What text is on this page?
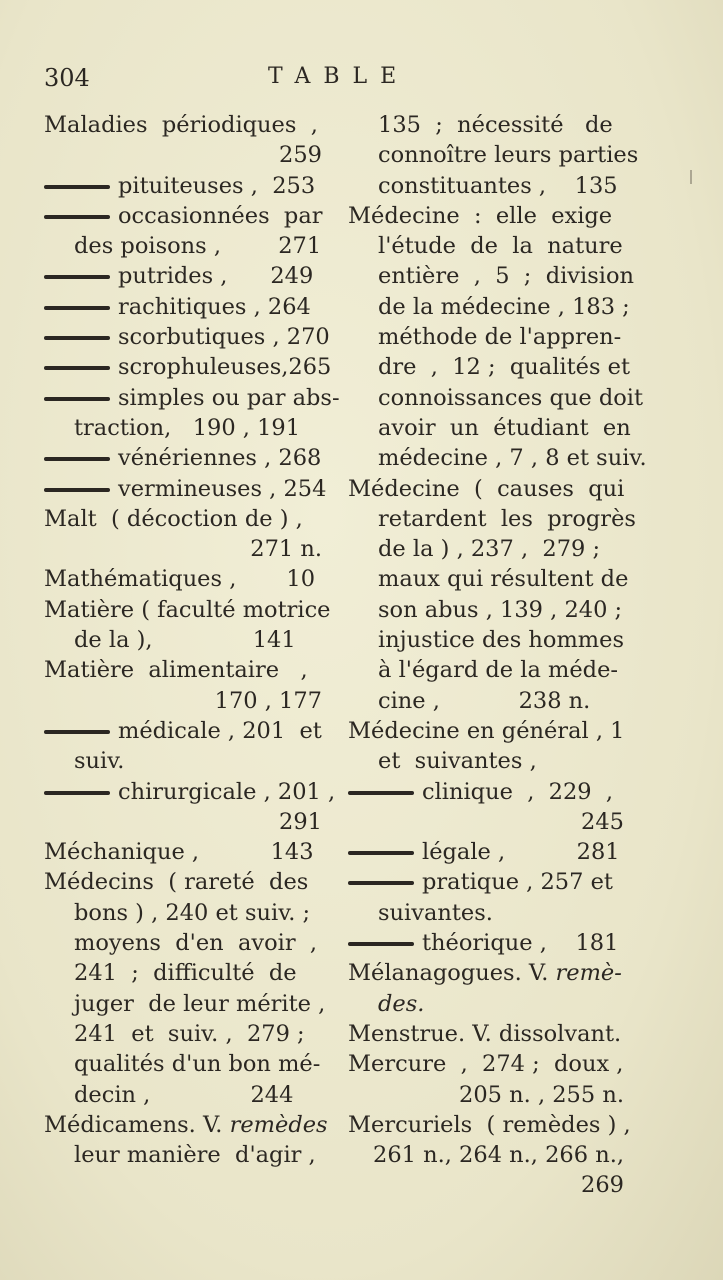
304	TABLE
Maladies  périodiques  ,
259
pituiteuses ,  253
occasionnées  par
des poisons ,        271
putrides ,      249
rachitiques , 264
scorbutiques , 270
scrophuleuses,265
simples ou par abs-
traction,   190 , 191
vénériennes , 268
vermineuses , 254
Malt  ( décoction de ) ,
271 n.
Mathématiques ,       10
Matière ( faculté motrice
de la ),              141
Matière  alimentaire   ,
170 , 177
médicale , 201  et
suiv.
chirurgicale , 201 ,
291
Méchanique ,          143
Médecins  ( rareté  des
bons ) , 240 et suiv. ;
moyens  d'en  avoir  ,
241  ;  difficulté  de
juger  de leur mérite ,
241  et  suiv. ,  279 ;
qualités d'un bon mé-
decin ,              244
Médicamens. V. remèdes
leur manière  d'agir ,
135  ;  nécessité   de
connoître leurs parties
constituantes ,    135
Médecine  :  elle  exige
l'étude  de  la  nature
entière  ,  5  ;  division
de la médecine , 183 ;
méthode de l'appren-
dre  ,  12 ;  qualités et
connoissances que doit
avoir  un  étudiant  en
médecine , 7 , 8 et suiv.
Médecine  (  causes  qui
retardent  les  progrès
de la ) , 237 ,  279 ;
maux qui résultent de
son abus , 139 , 240 ;
injustice des hommes
à l'égard de la méde-
cine ,           238 n.
Médecine en général , 1
et  suivantes ,
clinique  ,  229  ,
245
légale ,          281
pratique , 257 et
suivantes.
théorique ,    181
Mélanagogues. V. remè-
des.
Menstrue. V. dissolvant.
Mercure  ,  274 ;  doux ,
205 n. , 255 n.
Mercuriels  ( remèdes ) ,
261 n., 264 n., 266 n.,
269
